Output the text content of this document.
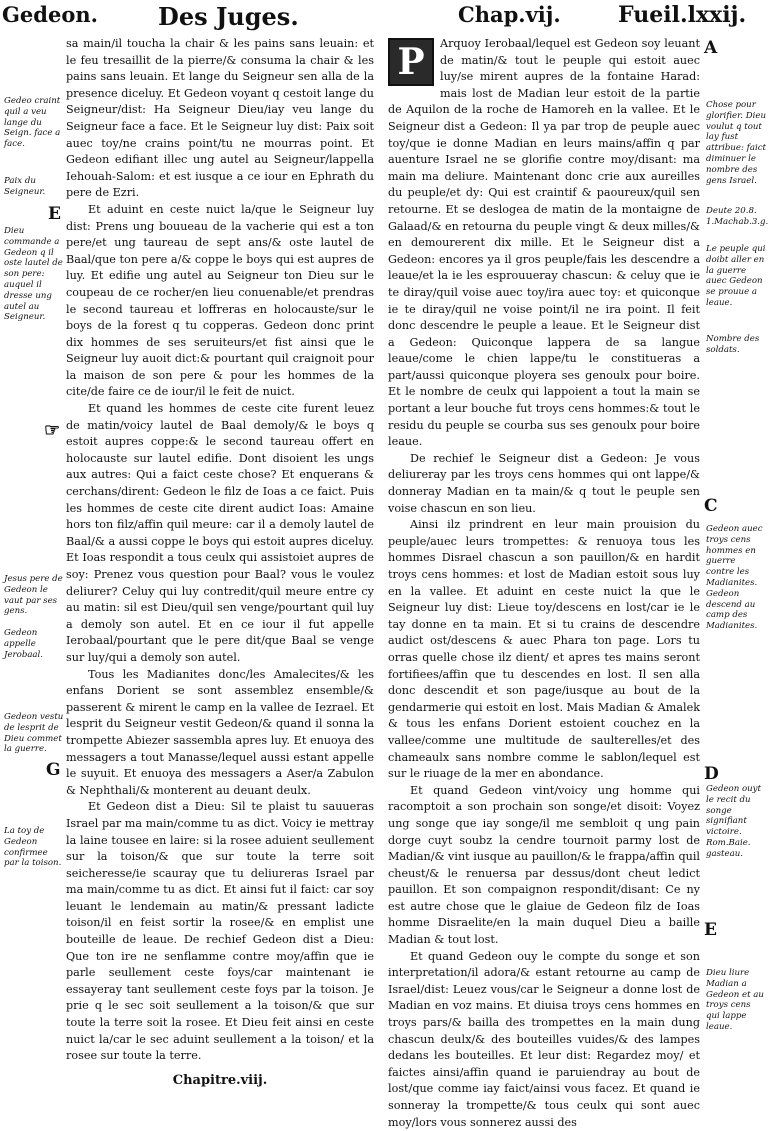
Gedeon.	Des Juges.	Chap.vij.	Fueil.lxxij.

sa main/il toucha la chair & les pains sans leuain: et le feu tresaillit de la pierre/& consuma la chair & les pains sans leuain. Et lange du Seigneur sen alla de la presence diceluy. Et Gedeon voyant q cestoit lange du Seigneur/dist: Ha Seigneur Dieu/iay veu lange du Seigneur face a face. Et le Seigneur luy dist: Paix soit auec toy/ne crains point/tu ne mourras point. Et Gedeon edifiant illec ung autel au Seigneur/lappella Iehouah-Salom: et est iusque a ce iour en Ephrath du pere de Ezri.

Et aduint en ceste nuict la/que le Seigneur luy dist: Prens ung bouueau de la vacherie qui est a ton pere/et ung taureau de sept ans/& oste lautel de Baal/que ton pere a/& coppe le boys qui est aupres de luy. Et edifie ung autel au Seigneur ton Dieu sur le coupeau de ce rocher/en lieu conuenable/et prendras le second taureau et loffreras en holocauste/sur le boys de la forest q tu copperas. Gedeon donc print dix hommes de ses seruiteurs/et fist ainsi que le Seigneur luy auoit dict:& pourtant quil craignoit pour la maison de son pere & pour les hommes de la cite/de faire ce de iour/il le feit de nuict.

Et quand les hommes de ceste cite furent leuez de matin/voicy lautel de Baal demoly/& le boys q estoit aupres coppe:& le second taureau offert en holocauste sur lautel edifie. Dont disoient les ungs aux autres: Qui a faict ceste chose? Et enquerans & cerchans/dirent: Gedeon le filz de Ioas a ce faict. Puis les hommes de ceste cite dirent audict Ioas: Amaine hors ton filz/affin quil meure: car il a demoly lautel de Baal/& a aussi coppe le boys qui estoit aupres diceluy. Et Ioas respondit a tous ceulx qui assistoiet aupres de soy: Prenez vous question pour Baal? vous le voulez deliurer? Celuy qui luy contredit/quil meure entre cy au matin: sil est Dieu/quil sen venge/pourtant quil luy a demoly son autel. Et en ce iour il fut appelle Ierobaal/pourtant que le pere dit/que Baal se venge sur luy/qui a demoly son autel.

Tous les Madianites donc/les Amalecites/& les enfans Dorient se sont assemblez ensemble/& passerent & mirent le camp en la vallee de Iezrael. Et lesprit du Seigneur vestit Gedeon/& quand il sonna la trompette Abiezer sassembla apres luy. Et enuoya des messagers a tout Manasse/lequel aussi estant appelle le suyuit. Et enuoya des messagers a Aser/a Zabulon & Nephthali/& monterent au deuant deulx.

Et Gedeon dist a Dieu: Sil te plaist tu sauueras Israel par ma main/comme tu as dict. Voicy ie mettray la laine tousee en laire: si la rosee aduient seullement sur la toison/& que sur toute la terre soit seicheresse/ie scauray que tu deliureras Israel par ma main/comme tu as dict. Et ainsi fut il faict: car soy leuant le lendemain au matin/& pressant ladicte toison/il en feist sortir la rosee/& en emplist une bouteille de leaue. De rechief Gedeon dist a Dieu: Que ton ire ne senflamme contre moy/affin que ie parle seullement ceste foys/car maintenant ie essayeray tant seullement ceste foys par la toison. Je prie q le sec soit seullement a la toison/& que sur toute la terre soit la rosee. Et Dieu feit ainsi en ceste nuict la/car le sec aduint seullement a la toison/ et la rosee sur toute la terre.

Chapitre.viij.
P	Arquoy Ierobaal/lequel est Gedeon soy leuant de matin/& tout le peuple qui estoit auec luy/se mirent aupres de la fontaine Harad: mais lost de Madian leur estoit de la partie de Aquilon de la roche de Hamoreh en la vallee. Et le Seigneur dist a Gedeon: Il ya par trop de peuple auec toy/que ie donne Madian en leurs mains/affin q par auenture Israel ne se glorifie contre moy/disant: ma main ma deliure. Maintenant donc crie aux aureilles du peuple/et dy: Qui est craintif & paoureux/quil sen retourne. Et se deslogea de matin de la montaigne de Galaad/& en retourna du peuple vingt & deux milles/& en demourerent dix mille. Et le Seigneur dist a Gedeon: encores ya il gros peuple/fais les descendre a leaue/et la ie les esprouueray chascun: & celuy que ie te diray/quil voise auec toy/ira auec toy: et quiconque ie te diray/quil ne voise point/il ne ira point. Il feit donc descendre le peuple a leaue. Et le Seigneur dist a Gedeon: Quiconque lappera de sa langue leaue/come le chien lappe/tu le constitueras a part/aussi quiconque ployera ses genoulx pour boire. Et le nombre de ceulx qui lappoient a tout la main se portant a leur bouche fut troys cens hommes:& tout le residu du peuple se courba sus ses genoulx pour boire leaue.

De rechief le Seigneur dist a Gedeon: Je vous deliureray par les troys cens hommes qui ont lappe/& donneray Madian en ta main/& q tout le peuple sen voise chascun en son lieu.

Ainsi ilz prindrent en leur main prouision du peuple/auec leurs trompettes: & renuoya tous les hommes Disrael chascun a son pauillon/& en hardit troys cens hommes: et lost de Madian estoit sous luy en la vallee. Et aduint en ceste nuict la que le Seigneur luy dist: Lieue toy/descens en lost/car ie le tay donne en ta main. Et si tu crains de descendre audict ost/descens & auec Phara ton page. Lors tu orras quelle chose ilz dient/ et apres tes mains seront fortifiees/affin que tu descendes en lost. Il sen alla donc descendit et son page/iusque au bout de la gendarmerie qui estoit en lost. Mais Madian & Amalek & tous les enfans Dorient estoient couchez en la vallee/comme une multitude de saulterelles/et des chameaulx sans nombre comme le sablon/lequel est sur le riuage de la mer en abondance.

Et quand Gedeon vint/voicy ung homme qui racomptoit a son prochain son songe/et disoit: Voyez ung songe que iay songe/il me sembloit q ung pain dorge cuyt soubz la cendre tournoit parmy lost de Madian/& vint iusque au pauillon/& le frappa/affin quil cheust/& le renuersa par dessus/dont cheut ledict pauillon. Et son compaignon respondit/disant: Ce ny est autre chose que le glaiue de Gedeon filz de Ioas homme Disraelite/en la main duquel Dieu a baille Madian & tout lost.

Et quand Gedeon ouy le compte du songe et son interpretation/il adora/& estant retourne au camp de Israel/dist: Leuez vous/car le Seigneur a donne lost de Madian en voz mains. Et diuisa troys cens hommes en troys pars/& bailla des trompettes en la main dung chascun deulx/& des bouteilles vuides/& des lampes dedans les bouteilles. Et leur dist: Regardez moy/ et faictes ainsi/affin quand ie paruiendray au bout de lost/que comme iay faict/ainsi vous facez. Et quand ie sonneray la trompette/& tous ceulx qui sont auec moy/lors vous sonnerez aussi des

Gedeo craint quil a veu lange du Seign. face a face.
Paix du Seigneur.
Dieu commande a Gedeon q il oste lautel de son pere: auquel il dresse ung autel au Seigneur.
Jesus pere de Gedeon le vaut par ses gens.
Gedeon appelle Jerobaal.
Gedeon vestu de lesprit de Dieu commet la guerre.
La toy de Gedeon confirmee par la toison.
E
☞
G
A
C
D
E
Chose pour glorifier. Dieu voulut q tout lay fust attribue: faict diminuer le nombre des gens Israel.
Deute 20.8. 1.Machab.3.g.
Le peuple qui doibt aller en la guerre auec Gedeon se prouue a leaue.
Nombre des soldats.
Gedeon auec troys cens hommes en guerre contre les Madianites. Gedeon descend au camp des Madianites.
Gedeon ouyt le recit du songe signifiant victoire. Rom.Baie. gasteau.
Dieu liure Madian a Gedeon et au troys cens qui lappe leaue.
